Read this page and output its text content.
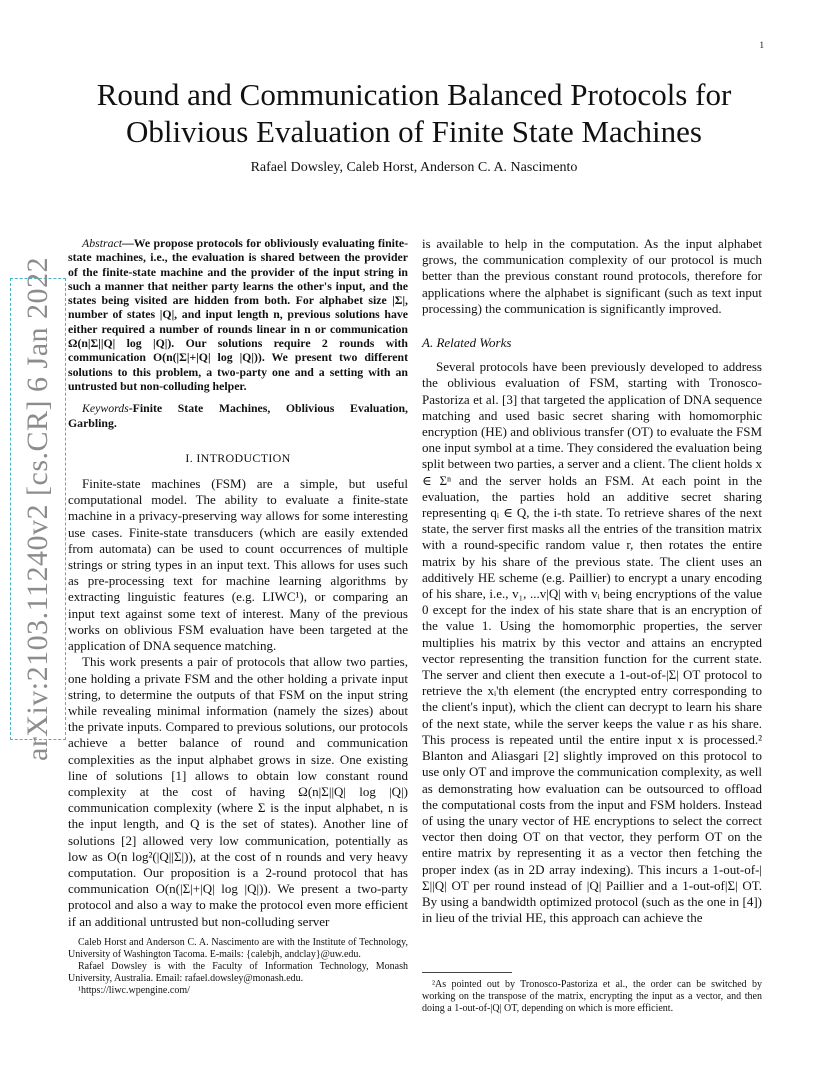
1
arXiv:2103.11240v2 [cs.CR] 6 Jan 2022
Round and Communication Balanced Protocols for
Oblivious Evaluation of Finite State Machines
Rafael Dowsley, Caleb Horst, Anderson C. A. Nascimento

Abstract—We propose protocols for obliviously evaluating finite-state machines, i.e., the evaluation is shared between the provider of the finite-state machine and the provider of the input string in such a manner that neither party learns the other's input, and the states being visited are hidden from both. For alphabet size |Σ|, number of states |Q|, and input length n, previous solutions have either required a number of rounds linear in n or communication Ω(n|Σ||Q| log |Q|). Our solutions require 2 rounds with communication O(n(|Σ|+|Q| log |Q|)). We present two different solutions to this problem, a two-party one and a setting with an untrusted but non-colluding helper.

Keywords-Finite State Machines, Oblivious Evaluation, Garbling.

I. INTRODUCTION

Finite-state machines (FSM) are a simple, but useful computational model. The ability to evaluate a finite-state machine in a privacy-preserving way allows for some interesting use cases. Finite-state transducers (which are easily extended from automata) can be used to count occurrences of multiple strings or string types in an input text. This allows for uses such as pre-processing text for machine learning algorithms by extracting linguistic features (e.g. LIWC¹), or comparing an input text against some text of interest. Many of the previous works on oblivious FSM evaluation have been targeted at the application of DNA sequence matching.

This work presents a pair of protocols that allow two parties, one holding a private FSM and the other holding a private input string, to determine the outputs of that FSM on the input string while revealing minimal information (namely the sizes) about the private inputs. Compared to previous solutions, our protocols achieve a better balance of round and communication complexities as the input alphabet grows in size. One existing line of solutions [1] allows to obtain low constant round complexity at the cost of having Ω(n|Σ||Q| log |Q|) communication complexity (where Σ is the input alphabet, n is the input length, and Q is the set of states). Another line of solutions [2] allowed very low communication, potentially as low as O(n log²(|Q||Σ|)), at the cost of n rounds and very heavy computation. Our proposition is a 2-round protocol that has communication O(n(|Σ|+|Q| log |Q|)). We present a two-party protocol and also a way to make the protocol even more efficient if an additional untrusted but non-colluding server

is available to help in the computation. As the input alphabet grows, the communication complexity of our protocol is much better than the previous constant round protocols, therefore for applications where the alphabet is significant (such as text input processing) the communication is significantly improved.

A. Related Works

Several protocols have been previously developed to address the oblivious evaluation of FSM, starting with Tronosco-Pastoriza et al. [3] that targeted the application of DNA sequence matching and used basic secret sharing with homomorphic encryption (HE) and oblivious transfer (OT) to evaluate the FSM one input symbol at a time. They considered the evaluation being split between two parties, a server and a client. The client holds x ∈ Σⁿ and the server holds an FSM. At each point in the evaluation, the parties hold an additive secret sharing representing qᵢ ∈ Q, the i-th state. To retrieve shares of the next state, the server first masks all the entries of the transition matrix with a round-specific random value r, then rotates the entire matrix by his share of the previous state. The client uses an additively HE scheme (e.g. Paillier) to encrypt a unary encoding of his share, i.e., v₁, ...v|Q| with vᵢ being encryptions of the value 0 except for the index of his state share that is an encryption of the value 1. Using the homomorphic properties, the server multiplies his matrix by this vector and attains an encrypted vector representing the transition function for the current state. The server and client then execute a 1-out-of-|Σ| OT protocol to retrieve the xᵢ'th element (the encrypted entry corresponding to the client's input), which the client can decrypt to learn his share of the next state, while the server keeps the value r as his share. This process is repeated until the entire input x is processed.² Blanton and Aliasgari [2] slightly improved on this protocol to use only OT and improve the communication complexity, as well as demonstrating how evaluation can be outsourced to offload the computational costs from the input and FSM holders. Instead of using the unary vector of HE encryptions to select the correct vector then doing OT on that vector, they perform OT on the entire matrix by representing it as a vector then fetching the proper index (as in 2D array indexing). This incurs a 1-out-of-|Σ||Q| OT per round instead of |Q| Paillier and a 1-out-of|Σ| OT. By using a bandwidth optimized protocol (such as the one in [4]) in lieu of the trivial HE, this approach can achieve the

Caleb Horst and Anderson C. A. Nascimento are with the Institute of Technology, University of Washington Tacoma. E-mails: {calebjh, andclay}@uw.edu.

Rafael Dowsley is with the Faculty of Information Technology, Monash University, Australia. Email: rafael.dowsley@monash.edu.

¹https://liwc.wpengine.com/

²As pointed out by Tronosco-Pastoriza et al., the order can be switched by working on the transpose of the matrix, encrypting the input as a vector, and then doing a 1-out-of-|Q| OT, depending on which is more efficient.
